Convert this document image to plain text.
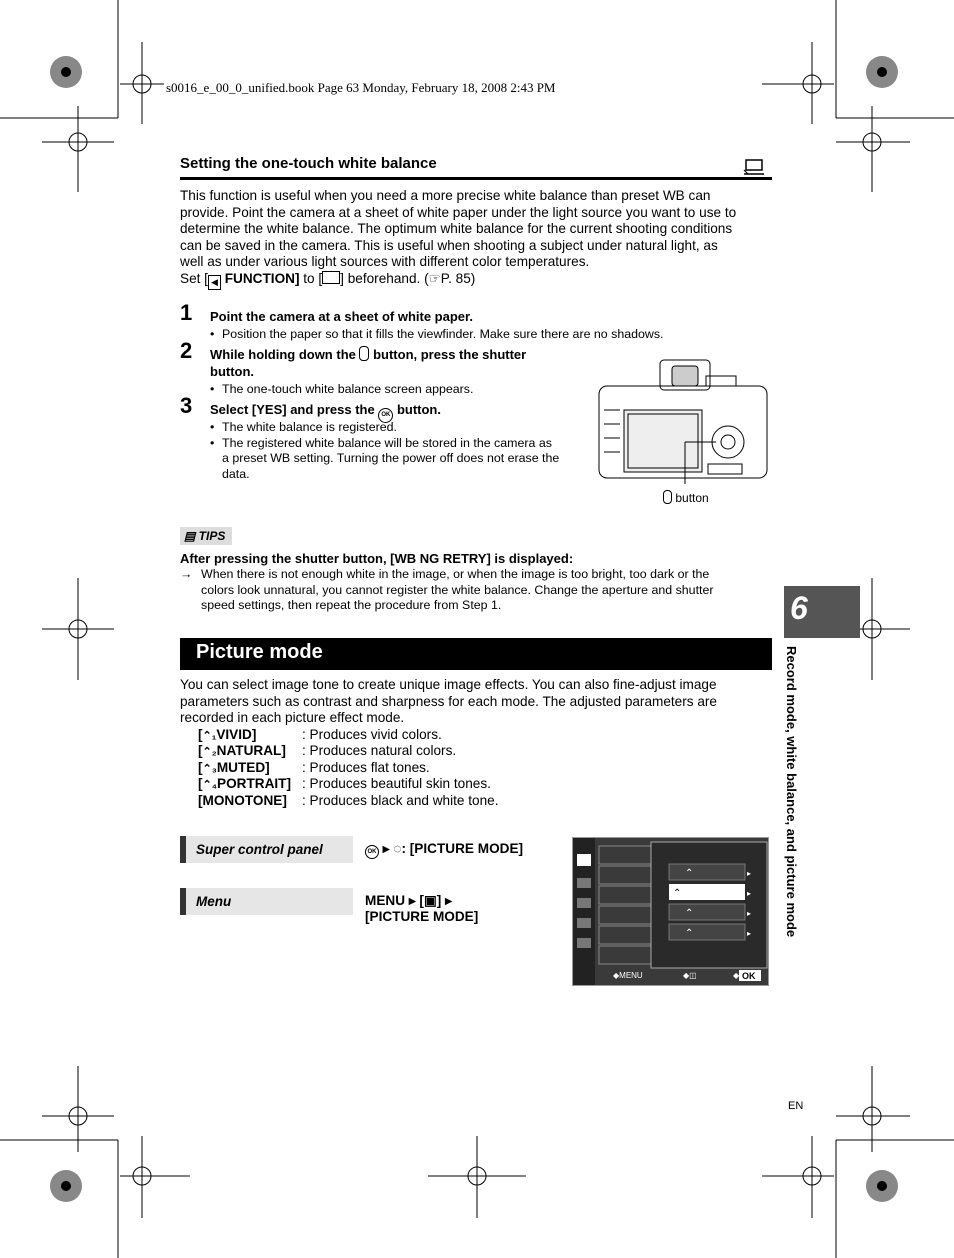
s0016_e_00_0_unified.book Page 63 Monday, February 18, 2008 2:43 PM
Setting the one-touch white balance

This function is useful when you need a more precise white balance than preset WB can

provide. Point the camera at a sheet of white paper under the light source you want to use to

determine the white balance. The optimum white balance for the current shooting conditions

can be saved in the camera. This is useful when shooting a subject under natural light, as

well as under various light sources with different color temperatures.

Set [ ◀ FUNCTION] to [ ] beforehand. (☞P. 85)
1 Point the camera at a sheet of white paper.
• Position the paper so that it fills the viewfinder. Make sure there are no shadows.
2 While holding down the  button, press the shutter
button.
• The one-touch white balance screen appears.
3 Select [YES] and press the OK button.
• The white balance is registered.
• The registered white balance will be stored in the camera as
a preset WB setting. Turning the power off does not erase the
data.
button
▤ TIPS
After pressing the shutter button, [WB NG RETRY] is displayed:
→ When there is not enough white in the image, or when the image is too bright, too dark or the
colors look unnatural, you cannot register the white balance. Change the aperture and shutter
speed settings, then repeat the procedure from Step 1.
Picture mode

You can select image tone to create unique image effects. You can also fine-adjust image

parameters such as contrast and sharpness for each mode. The adjusted parameters are

recorded in each picture effect mode.

[⌃₁VIVID]	: Produces vivid colors.
[⌃₂NATURAL] : Produces natural colors.
[⌃₃MUTED] : Produces flat tones.
[⌃₄PORTRAIT] : Produces beautiful skin tones.
[MONOTONE] : Produces black and white tone.
Super control panel	OK ▸ ◌: [PICTURE MODE]
Menu	MENU ▸ [▣] ▸
[PICTURE MODE]
⌃
⌃
⌃
⌃
▸
▸
▸
▸
◆MENU	◆◫	◆ OK
6
Record mode, white balance, and picture mode
EN
